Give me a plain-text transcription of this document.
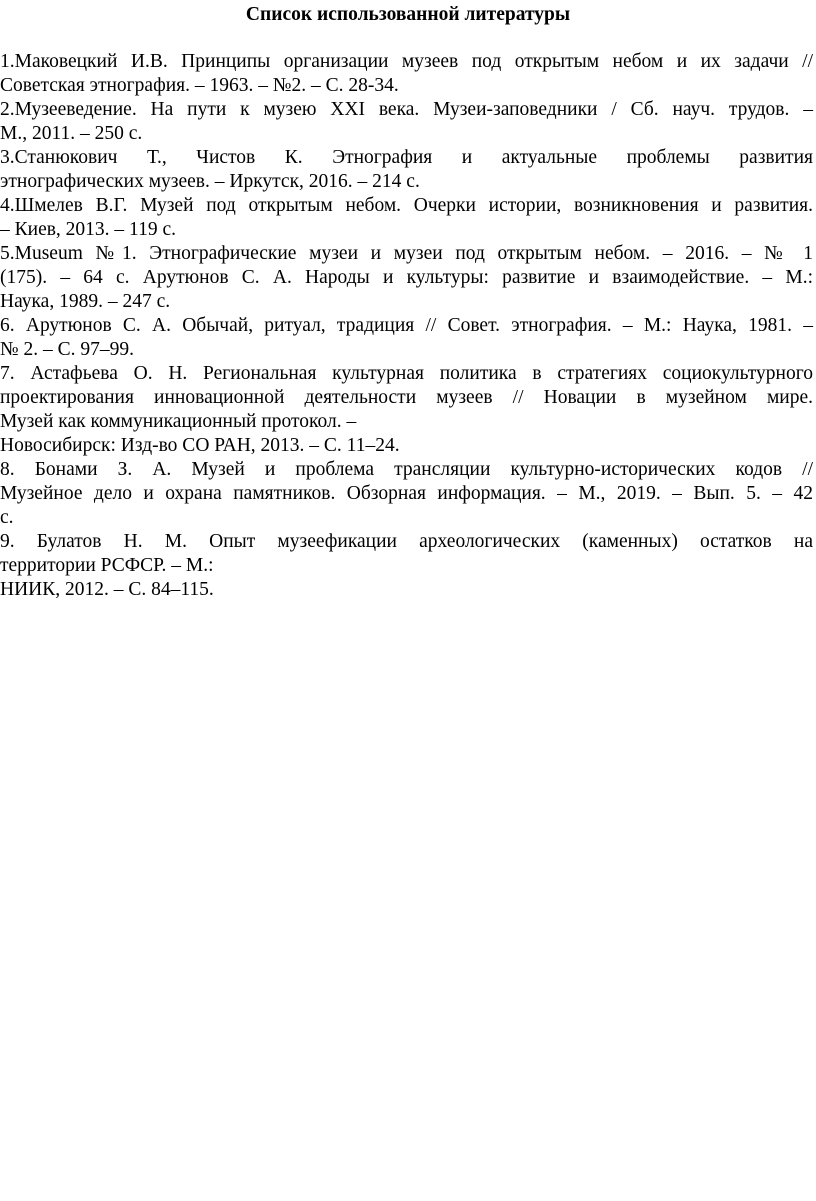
Список использованной литературы
1.Маковецкий И.В. Принципы организации музеев под открытым небом и их задачи //
Советская этнография. – 1963. – №2. – С. 28-34.
2.Музееведение. На пути к музею XXI века. Музеи-заповедники / Сб. науч. трудов. –
М., 2011. – 250 с.
3.Станюкович Т., Чистов К. Этнография и актуальные проблемы развития
этнографических музеев. – Иркутск, 2016. – 214 с.
4.Шмелев В.Г. Музей под открытым небом. Очерки истории, возникновения и развития.
– Киев, 2013. – 119 с.
5.Museum №1. Этнографические музеи и музеи под открытым небом. – 2016. – № 1
(175). – 64 с. Арутюнов С. А. Народы и культуры: развитие и взаимодействие. – М.:
Наука, 1989. – 247 с.
6. Арутюнов С. А. Обычай, ритуал, традиция // Совет. этнография. – М.: Наука, 1981. –
№ 2. – С. 97–99.
7. Астафьева О. Н. Региональная культурная политика в стратегиях социокультурного
проектирования инновационной деятельности музеев // Новации в музейном мире.
Музей как коммуникационный протокол. –
Новосибирск: Изд-во СО РАН, 2013. – С. 11–24.
8. Бонами З. А. Музей и проблема трансляции культурно-исторических кодов //
Музейное дело и охрана памятников. Обзорная информация. – М., 2019. – Вып. 5. – 42
с.
9. Булатов Н. М. Опыт музеефикации археологических (каменных) остатков на
территории РСФСР. – М.:
НИИК, 2012. – С. 84–115.
